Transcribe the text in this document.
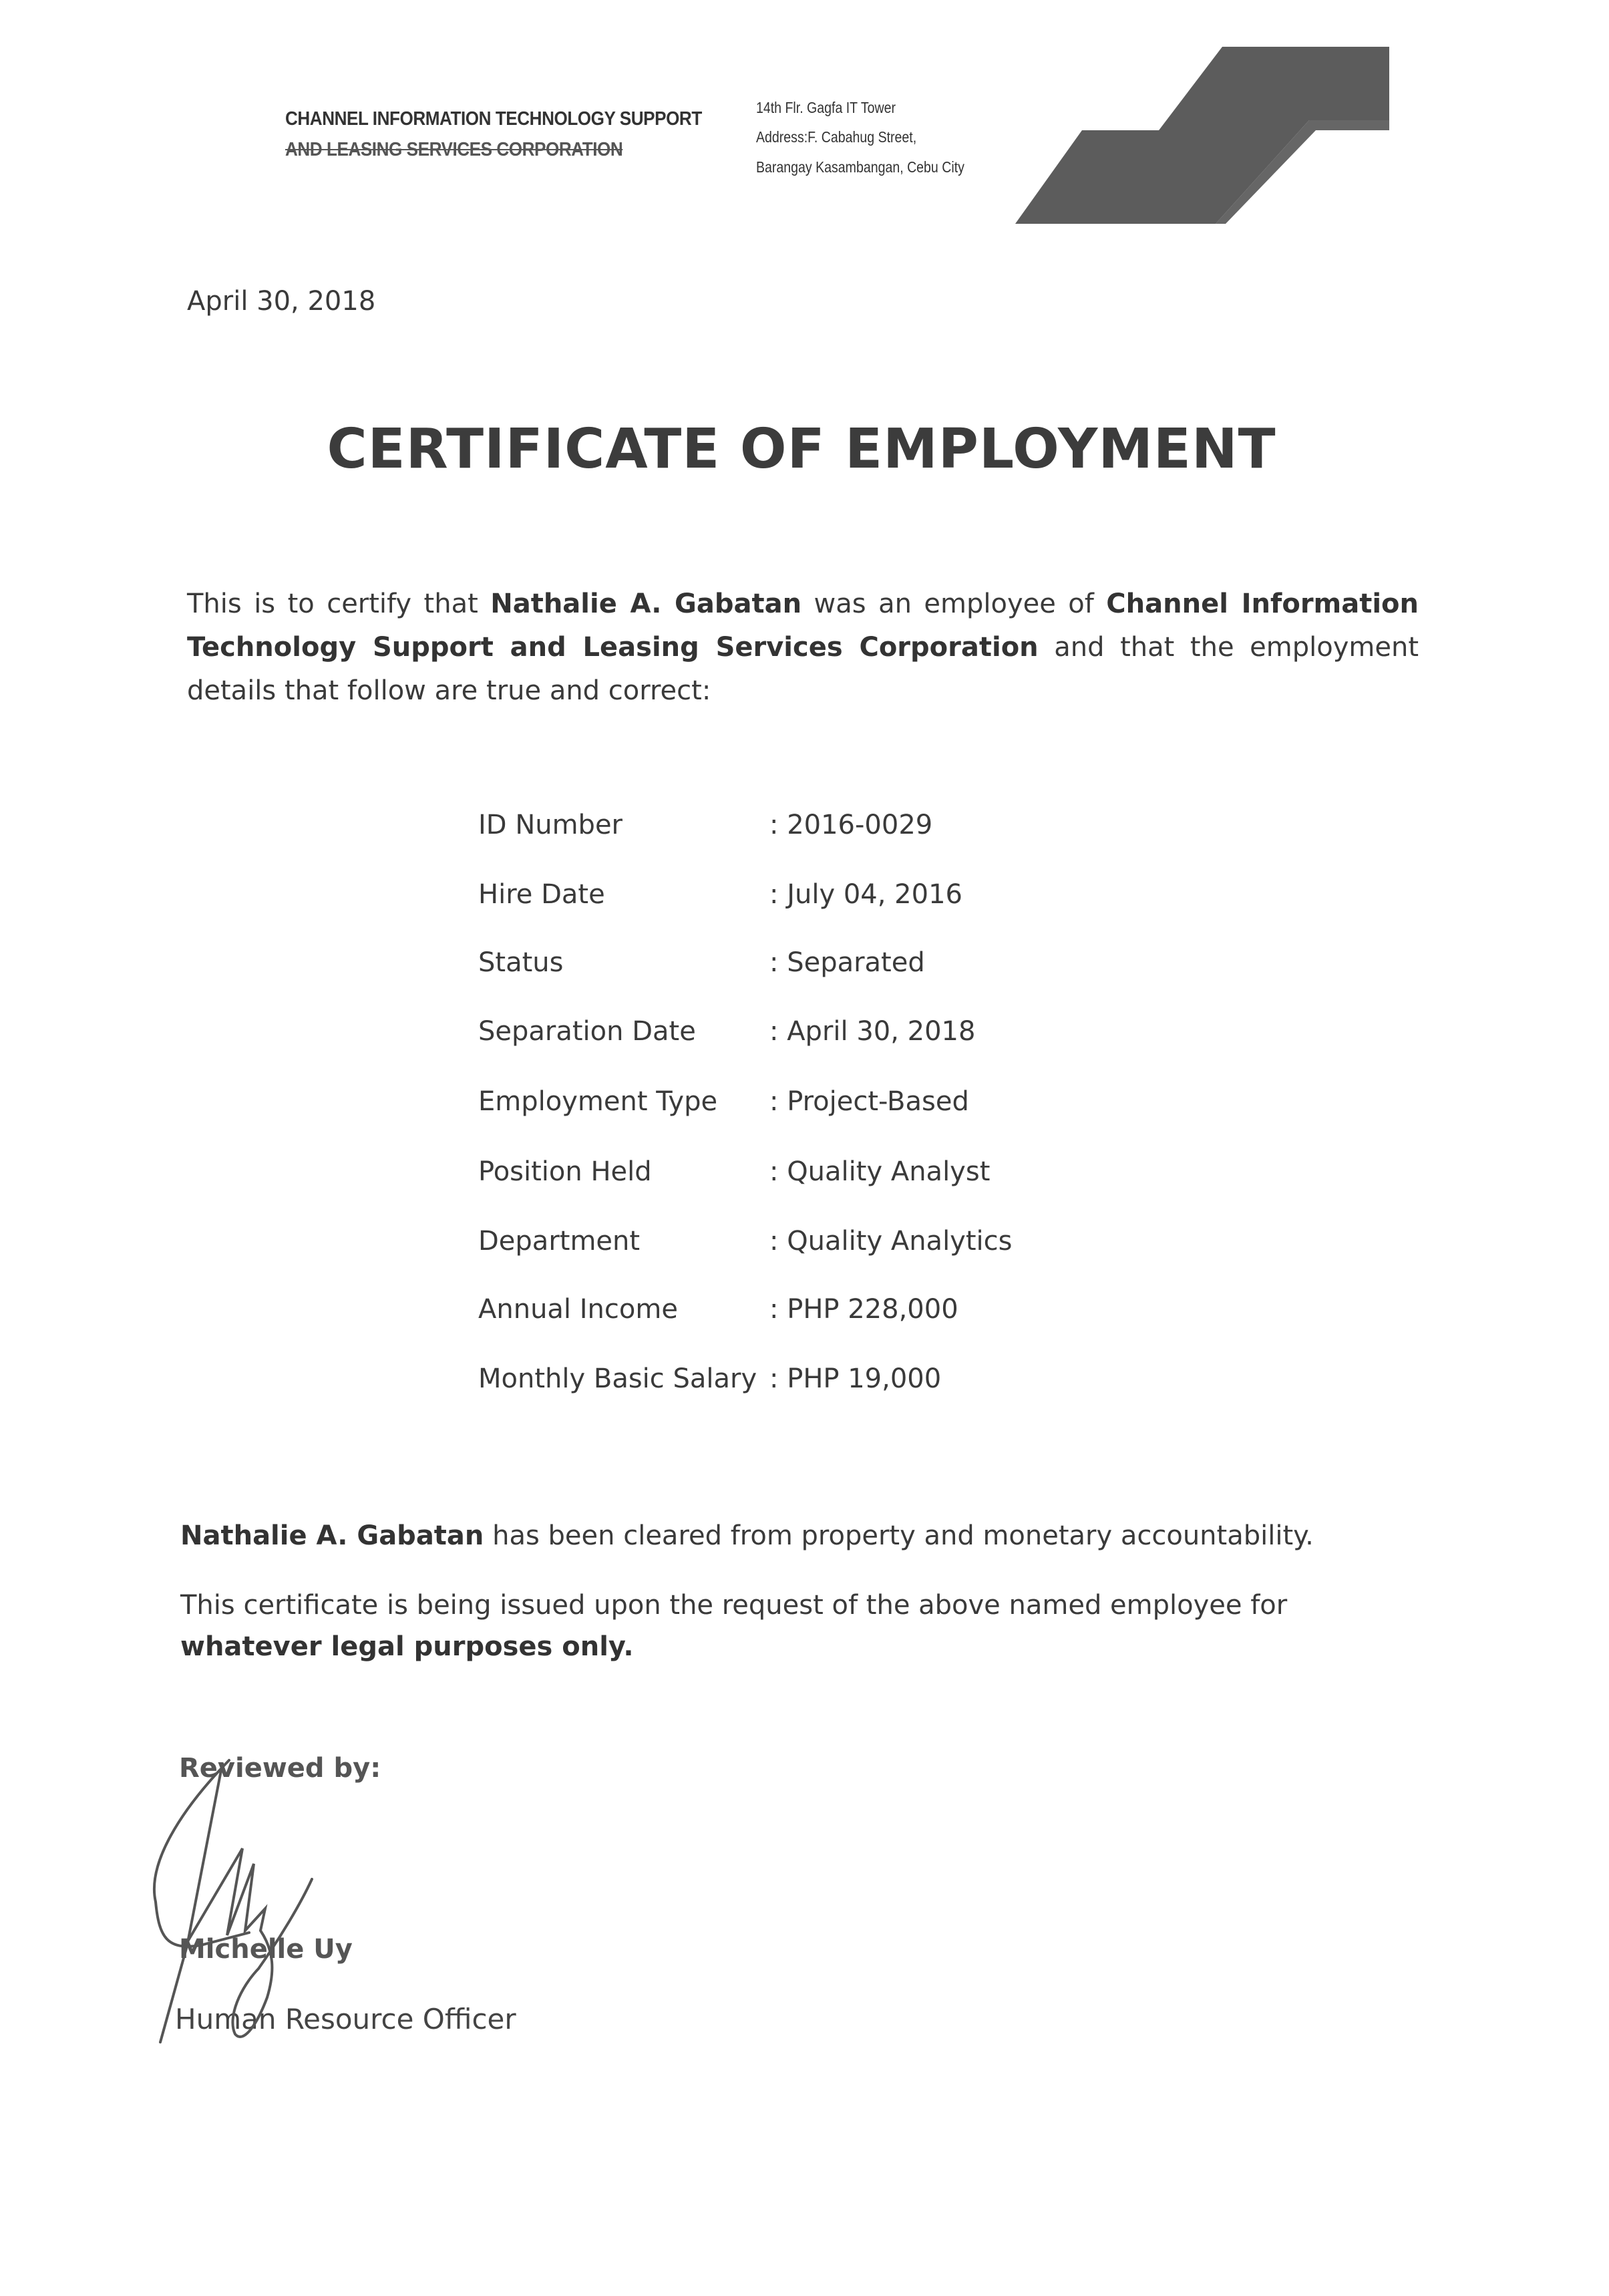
CHANNEL INFORMATION TECHNOLOGY SUPPORT
AND LEASING SERVICES CORPORATION
14th Flr. Gagfa IT Tower
Address:F. Cabahug Street,
Barangay Kasambangan, Cebu City
April 30, 2018
CERTIFICATE OF EMPLOYMENT
This is to certify that Nathalie A. Gabatan was an employee of Channel Information Technology Support and Leasing Services Corporation and that the employment details that follow are true and correct:
ID Number	: 2016-0029
Hire Date	: July 04, 2016
Status	: Separated
Separation Date	: April 30, 2018
Employment Type : Project-Based
Position Held	: Quality Analyst
Department	: Quality Analytics
Annual Income	: PHP 228,000
Monthly Basic Salary : PHP 19,000
Nathalie A. Gabatan has been cleared from property and monetary accountability.
This certificate is being issued upon the request of the above named employee for whatever legal purposes only.
Reviewed by:
Michelle Uy
Human Resource Officer
